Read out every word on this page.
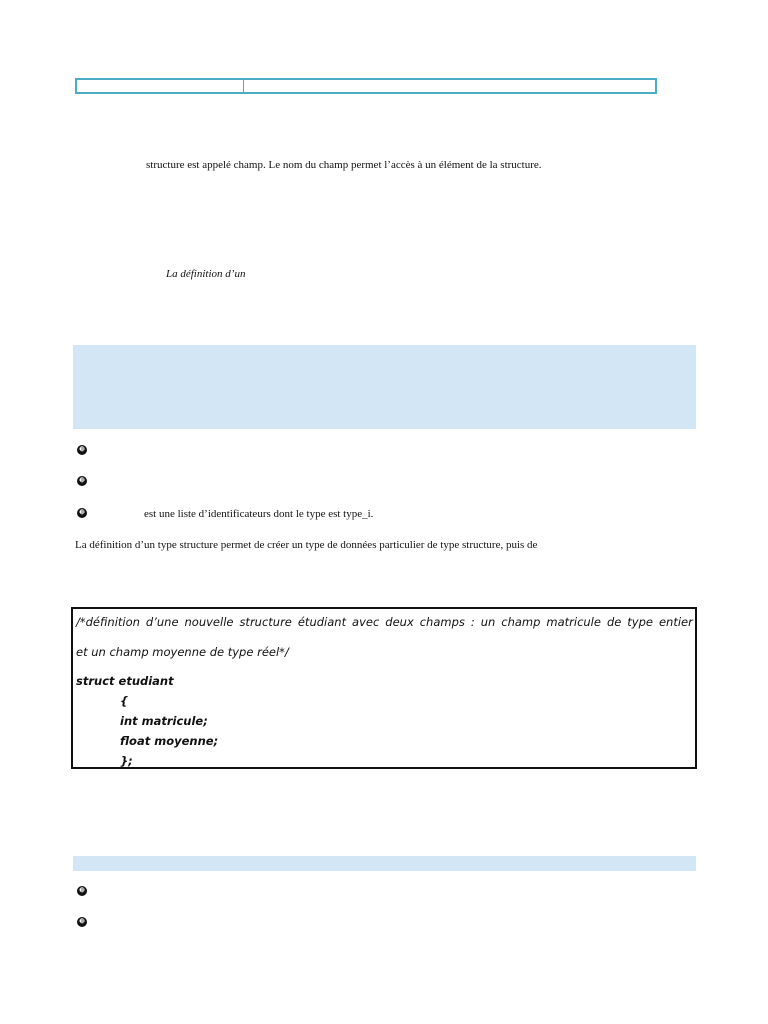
structure est appelé champ. Le nom du champ permet l’accès à un élément de la structure.
La définition d’un
➓
➓
➓	est une liste d’identificateurs dont le type est type_i.
La définition d’un type structure permet de créer un type de données particulier de type structure, puis de
/*définition d’une nouvelle structure étudiant avec deux champs : un champ matricule de type entier
et un champ moyenne de type réel*/
struct etudiant
{
int matricule;
float moyenne;
};
➓
➓
